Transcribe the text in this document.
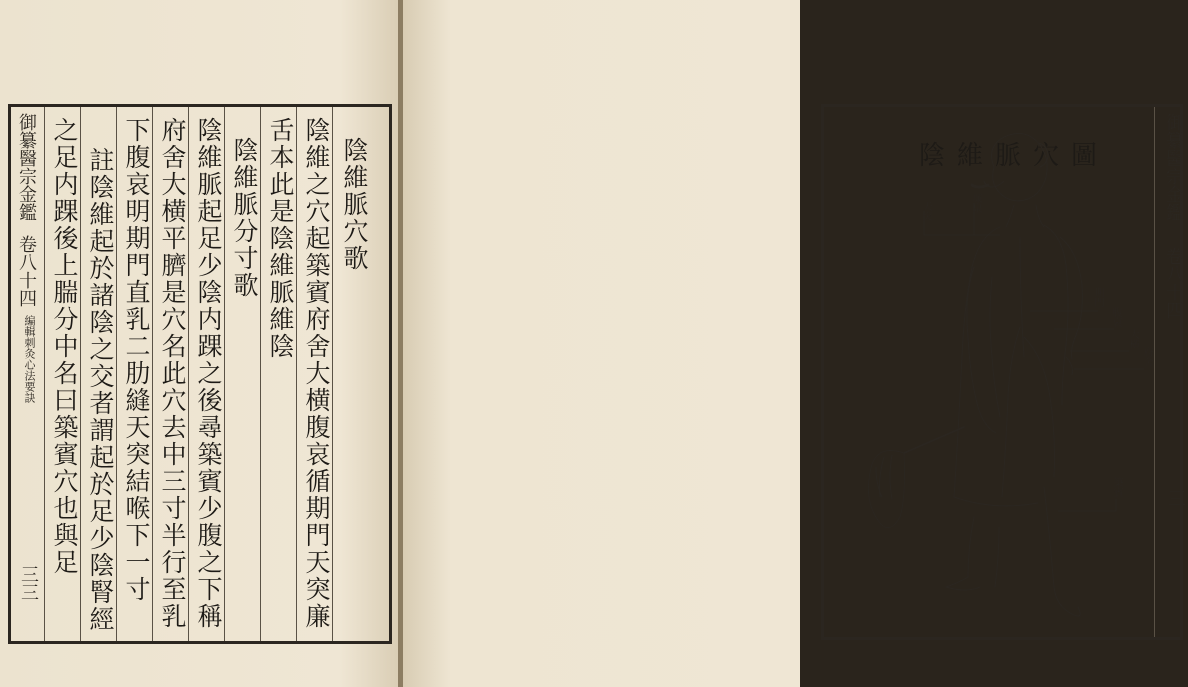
御纂醫宗金鑑
卷八十四
編輯刺灸心法要訣
三三
陰維脈穴歌
陰維之穴起築賓府舍大横腹哀循期門天突廉
舌本此是陰維脈維陰
陰維脈分寸歌
陰維脈起足少陰内踝之後尋築賓少腹之下稱
府舍大横平臍是穴名此穴去中三寸半行至乳
下腹哀明期門直乳二肋縫天突結喉下一寸
註陰維起於諸陰之交者謂起於足少陰腎經
之足内踝後上腨分中名曰築賓穴也與足	御纂醫宗金鑑
卷八十四
三
陰維脈穴圖
天突	廉泉
期門
腹哀
大横
府舍
築賓
